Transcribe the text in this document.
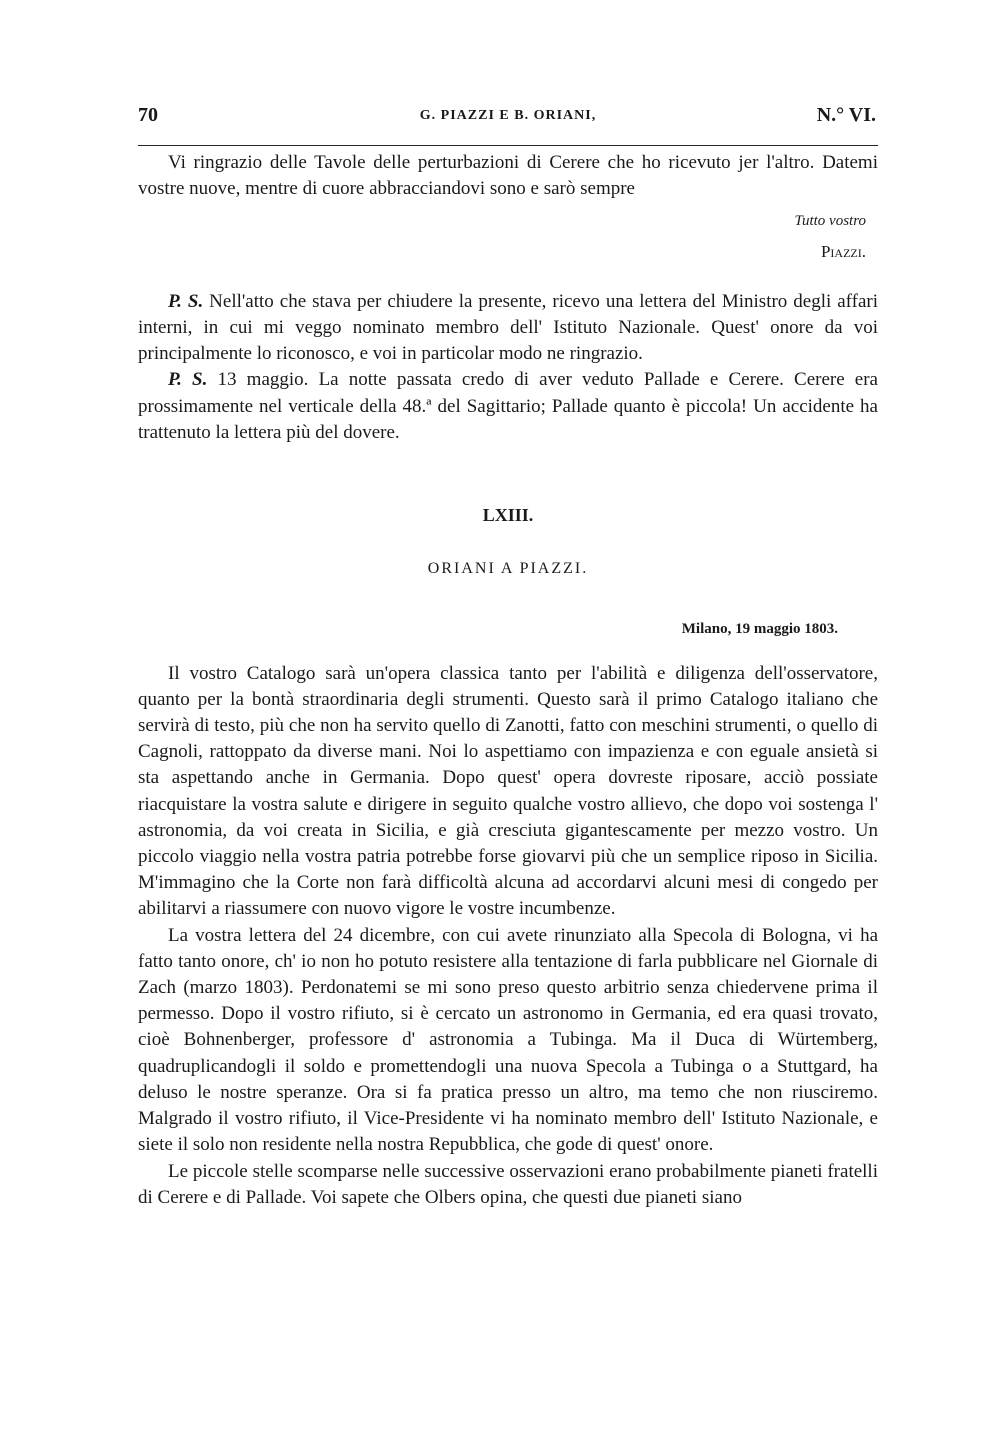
70	G. PIAZZI E B. ORIANI,	N.° VI.

Vi ringrazio delle Tavole delle perturbazioni di Cerere che ho ricevuto jer l'altro. Datemi vostre nuove, mentre di cuore abbracciandovi sono e sarò sempre

Tutto vostro
Piazzi.

P. S. Nell'atto che stava per chiudere la presente, ricevo una lettera del Ministro degli affari interni, in cui mi veggo nominato membro dell' Istituto Nazionale. Quest' onore da voi principalmente lo riconosco, e voi in particolar modo ne ringrazio.

P. S. 13 maggio. La notte passata credo di aver veduto Pallade e Cerere. Cerere era prossimamente nel verticale della 48.ª del Sagittario; Pallade quanto è piccola! Un accidente ha trattenuto la lettera più del dovere.

LXIII.
ORIANI A PIAZZI.
Milano, 19 maggio 1803.

Il vostro Catalogo sarà un'opera classica tanto per l'abilità e diligenza dell'osservatore, quanto per la bontà straordinaria degli strumenti. Questo sarà il primo Catalogo italiano che servirà di testo, più che non ha servito quello di Zanotti, fatto con meschini strumenti, o quello di Cagnoli, rattoppato da diverse mani. Noi lo aspettiamo con impazienza e con eguale ansietà si sta aspettando anche in Germania. Dopo quest' opera dovreste riposare, acciò possiate riacquistare la vostra salute e dirigere in seguito qualche vostro allievo, che dopo voi sostenga l' astronomia, da voi creata in Sicilia, e già cresciuta gigantescamente per mezzo vostro. Un piccolo viaggio nella vostra patria potrebbe forse giovarvi più che un semplice riposo in Sicilia. M'immagino che la Corte non farà difficoltà alcuna ad accordarvi alcuni mesi di congedo per abilitarvi a riassumere con nuovo vigore le vostre incumbenze.

La vostra lettera del 24 dicembre, con cui avete rinunziato alla Specola di Bologna, vi ha fatto tanto onore, ch' io non ho potuto resistere alla tentazione di farla pubblicare nel Giornale di Zach (marzo 1803). Perdonatemi se mi sono preso questo arbitrio senza chiedervene prima il permesso. Dopo il vostro rifiuto, si è cercato un astronomo in Germania, ed era quasi trovato, cioè Bohnenberger, professore d' astronomia a Tubinga. Ma il Duca di Würtemberg, quadruplicandogli il soldo e promettendogli una nuova Specola a Tubinga o a Stuttgard, ha deluso le nostre speranze. Ora si fa pratica presso un altro, ma temo che non riusciremo. Malgrado il vostro rifiuto, il Vice-Presidente vi ha nominato membro dell' Istituto Nazionale, e siete il solo non residente nella nostra Repubblica, che gode di quest' onore.

Le piccole stelle scomparse nelle successive osservazioni erano probabilmente pianeti fratelli di Cerere e di Pallade. Voi sapete che Olbers opina, che questi due pianeti siano
